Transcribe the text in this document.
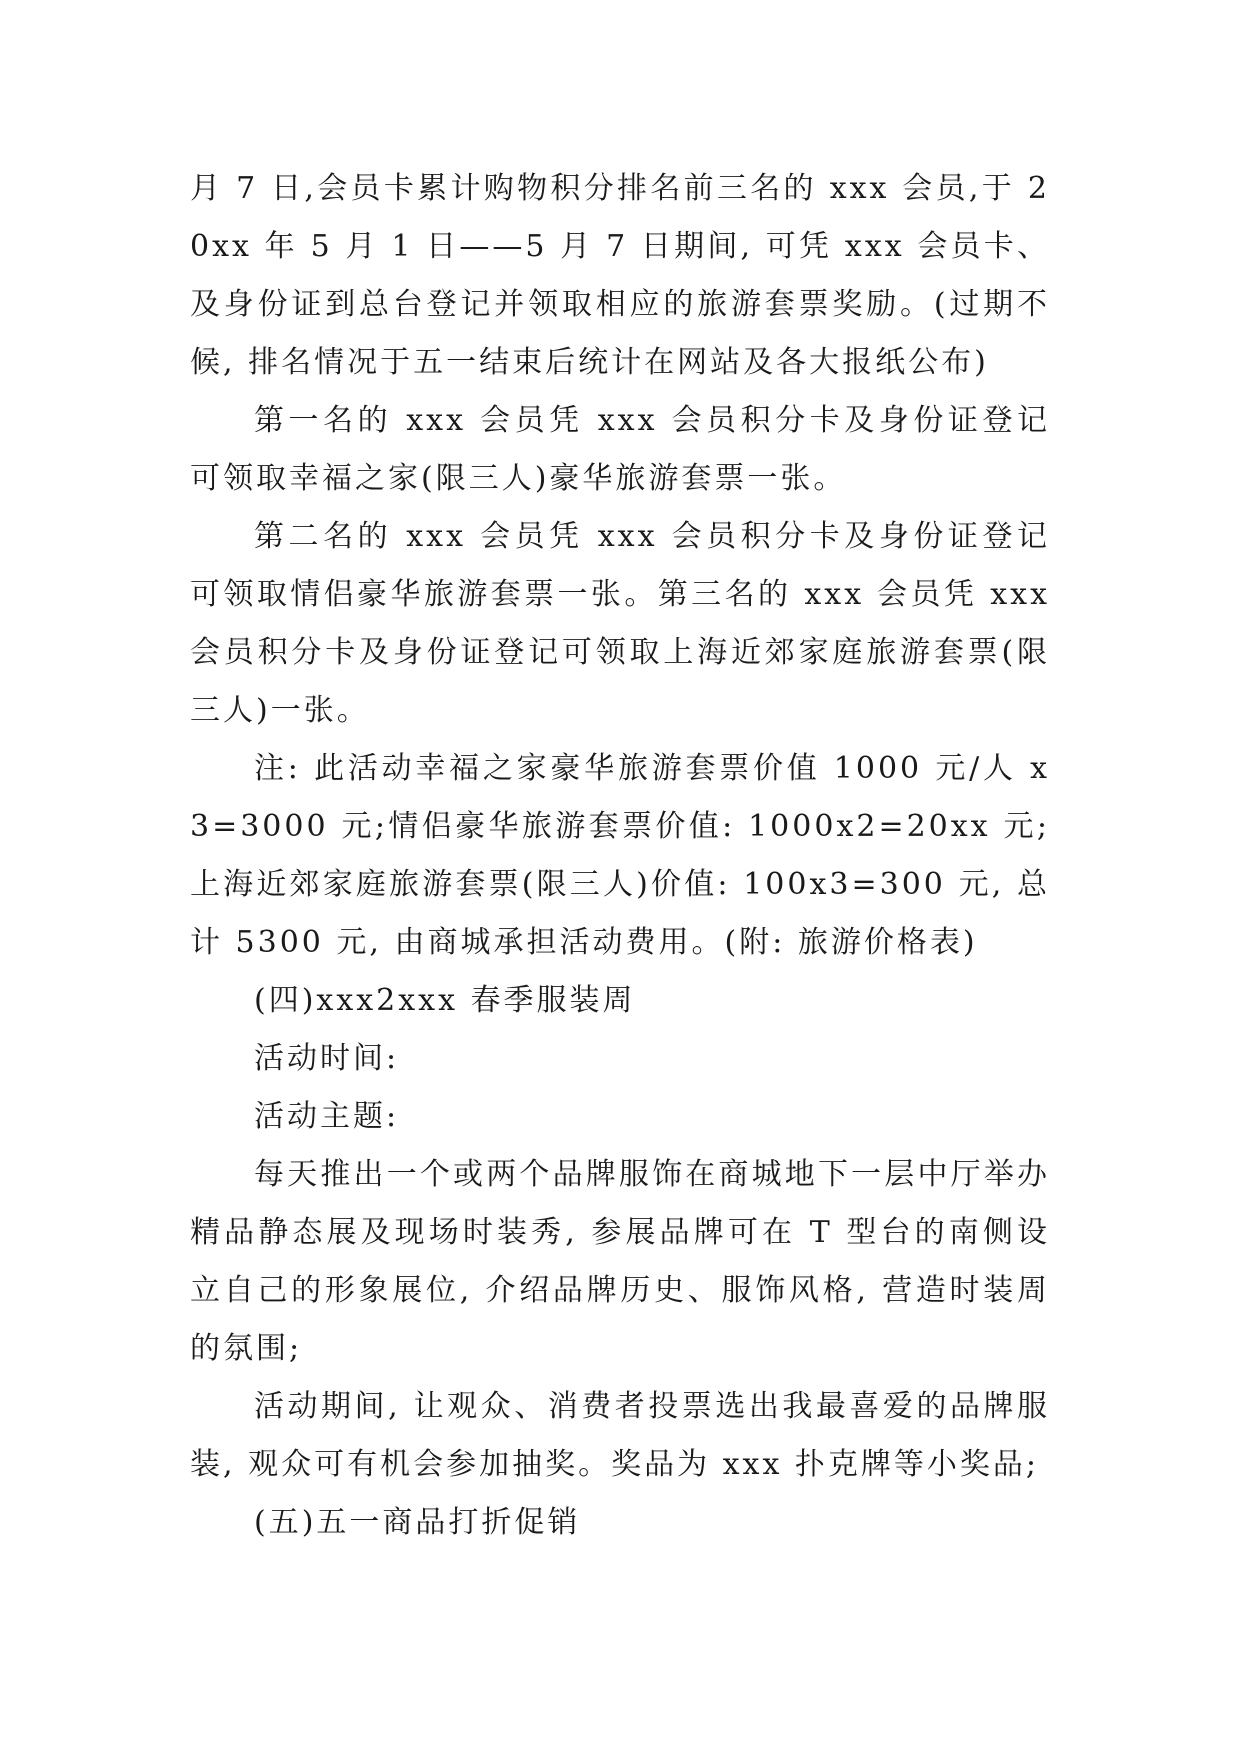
月 7 日,会员卡累计购物积分排名前三名的 xxx 会员,于 20xx 年 5 月 1 日——5 月 7 日期间, 可凭 xxx 会员卡、及身份证到总台登记并领取相应的旅游套票奖励。(过期不候, 排名情况于五一结束后统计在网站及各大报纸公布)

第一名的 xxx 会员凭 xxx 会员积分卡及身份证登记可领取幸福之家(限三人)豪华旅游套票一张。

第二名的 xxx 会员凭 xxx 会员积分卡及身份证登记可领取情侣豪华旅游套票一张。第三名的 xxx 会员凭 xxx 会员积分卡及身份证登记可领取上海近郊家庭旅游套票(限三人)一张。

注: 此活动幸福之家豪华旅游套票价值 1000 元/人 x3=3000 元;情侣豪华旅游套票价值: 1000x2=20xx 元;上海近郊家庭旅游套票(限三人)价值: 100x3=300 元, 总计 5300 元, 由商城承担活动费用。(附: 旅游价格表)

(四)xxx2xxx 春季服装周

活动时间:

活动主题:

每天推出一个或两个品牌服饰在商城地下一层中厅举办精品静态展及现场时装秀, 参展品牌可在 T 型台的南侧设立自己的形象展位, 介绍品牌历史、服饰风格, 营造时装周的氛围;

活动期间, 让观众、消费者投票选出我最喜爱的品牌服装, 观众可有机会参加抽奖。奖品为 xxx 扑克牌等小奖品;

(五)五一商品打折促销
